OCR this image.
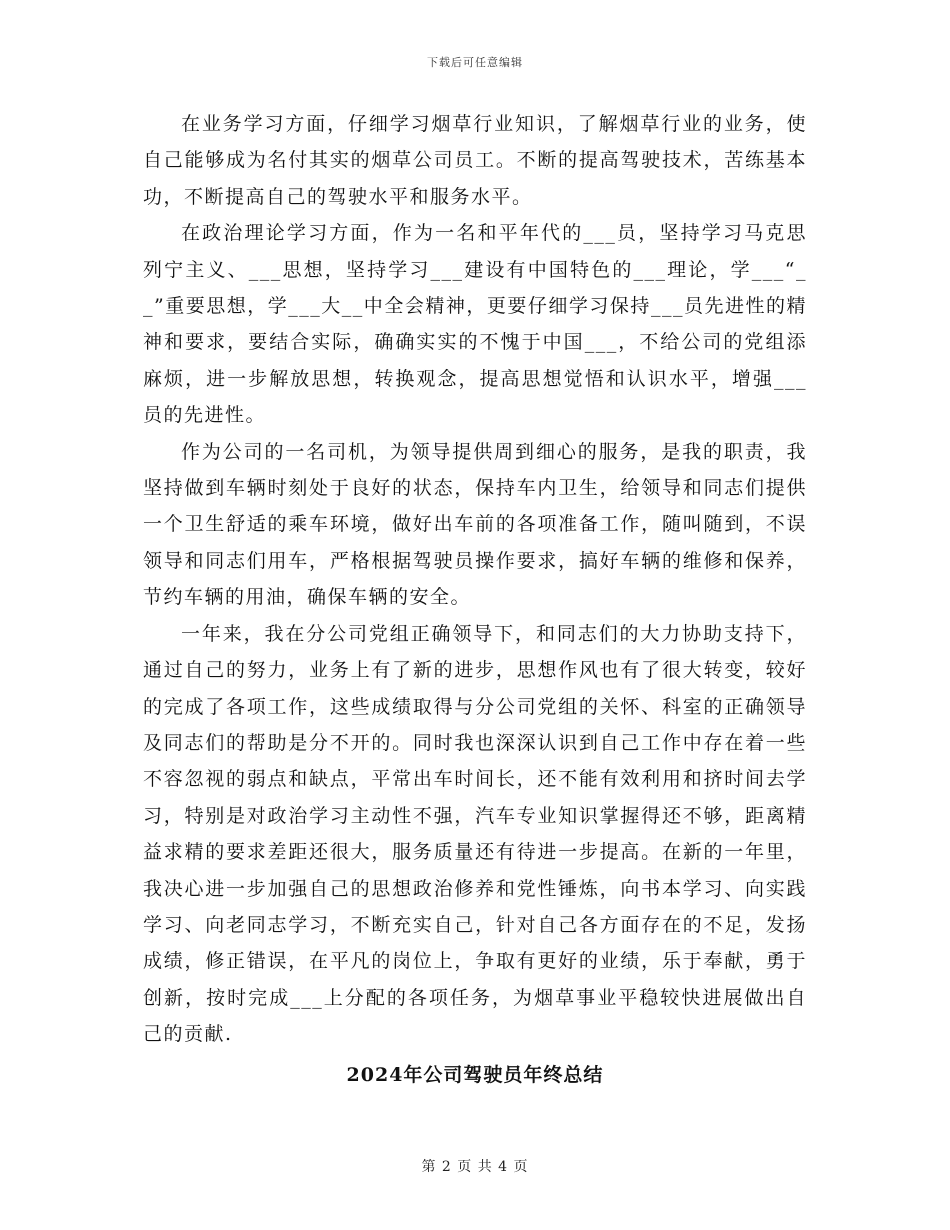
下载后可任意编辑

在业务学习方面，仔细学习烟草行业知识，了解烟草行业的业务，使自己能够成为名付其实的烟草公司员工。不断的提高驾驶技术，苦练基本功，不断提高自己的驾驶水平和服务水平。

在政治理论学习方面，作为一名和平年代的___员，坚持学习马克思列宁主义、___思想，坚持学习___建设有中国特色的___理论，学___“__”重要思想，学___大__中全会精神，更要仔细学习保持___员先进性的精神和要求，要结合实际，确确实实的不愧于中国___，不给公司的党组添麻烦，进一步解放思想，转换观念，提高思想觉悟和认识水平，增强___员的先进性。

作为公司的一名司机，为领导提供周到细心的服务，是我的职责，我坚持做到车辆时刻处于良好的状态，保持车内卫生，给领导和同志们提供一个卫生舒适的乘车环境，做好出车前的各项准备工作，随叫随到，不误领导和同志们用车，严格根据驾驶员操作要求，搞好车辆的维修和保养，节约车辆的用油，确保车辆的安全。

一年来，我在分公司党组正确领导下，和同志们的大力协助支持下，通过自己的努力，业务上有了新的进步，思想作风也有了很大转变，较好的完成了各项工作，这些成绩取得与分公司党组的关怀、科室的正确领导及同志们的帮助是分不开的。同时我也深深认识到自己工作中存在着一些不容忽视的弱点和缺点，平常出车时间长，还不能有效利用和挤时间去学习，特别是对政治学习主动性不强，汽车专业知识掌握得还不够，距离精益求精的要求差距还很大，服务质量还有待进一步提高。在新的一年里，我决心进一步加强自己的思想政治修养和党性锤炼，向书本学习、向实践学习、向老同志学习，不断充实自己，针对自己各方面存在的不足，发扬成绩，修正错误，在平凡的岗位上，争取有更好的业绩，乐于奉献，勇于创新，按时完成___上分配的各项任务，为烟草事业平稳较快进展做出自己的贡献.

2024年公司驾驶员年终总结
第 2 页 共 4 页
